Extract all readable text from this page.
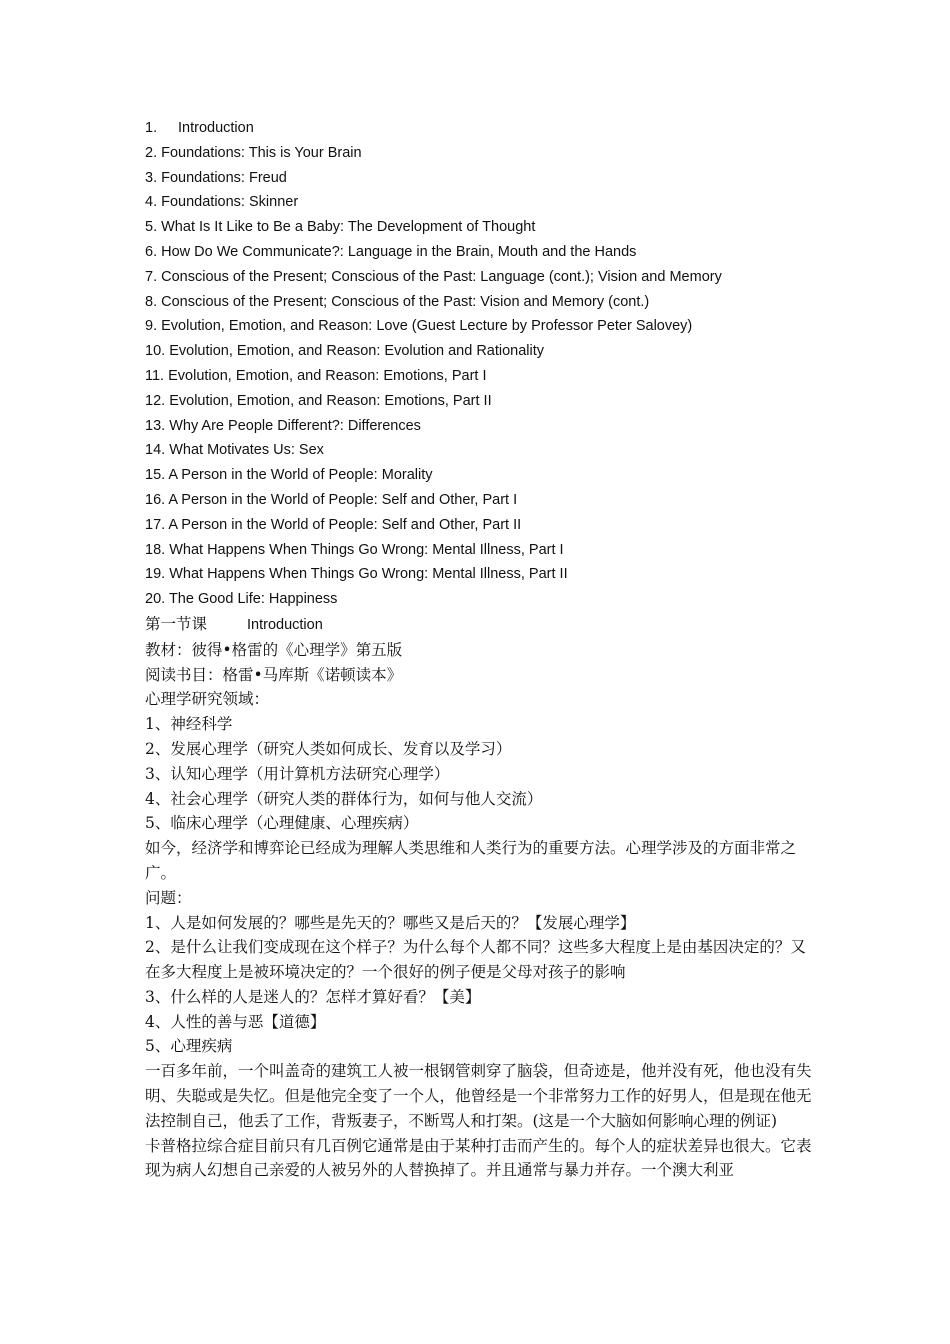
1. Introduction
2. Foundations: This is Your Brain
3. Foundations: Freud
4. Foundations: Skinner
5. What Is It Like to Be a Baby: The Development of Thought
6. How Do We Communicate?: Language in the Brain, Mouth and the Hands
7. Conscious of the Present; Conscious of the Past: Language (cont.); Vision and Memory
8. Conscious of the Present; Conscious of the Past: Vision and Memory (cont.)
9. Evolution, Emotion, and Reason: Love (Guest Lecture by Professor Peter Salovey)
10. Evolution, Emotion, and Reason: Evolution and Rationality
11. Evolution, Emotion, and Reason: Emotions, Part I
12. Evolution, Emotion, and Reason: Emotions, Part II
13. Why Are People Different?: Differences
14. What Motivates Us: Sex
15. A Person in the World of People: Morality
16. A Person in the World of People: Self and Other, Part I
17. A Person in the World of People: Self and Other, Part II
18. What Happens When Things Go Wrong: Mental Illness, Part I
19. What Happens When Things Go Wrong: Mental Illness, Part II
20. The Good Life: Happiness
第一节课	Introduction
教材：彼得•格雷的《心理学》第五版
阅读书目：格雷•马库斯《诺顿读本》
心理学研究领域：
1、神经科学
2、发展心理学（研究人类如何成长、发育以及学习）
3、认知心理学（用计算机方法研究心理学）
4、社会心理学（研究人类的群体行为，如何与他人交流）
5、临床心理学（心理健康、心理疾病）
如今，经济学和博弈论已经成为理解人类思维和人类行为的重要方法。心理学涉及的方面非常之广。
问题：
1、人是如何发展的？哪些是先天的？哪些又是后天的？【发展心理学】
2、是什么让我们变成现在这个样子？为什么每个人都不同？这些多大程度上是由基因决定的？又在多大程度上是被环境决定的？一个很好的例子便是父母对孩子的影响
3、什么样的人是迷人的？怎样才算好看？【美】
4、人性的善与恶【道德】
5、心理疾病
一百多年前，一个叫盖奇的建筑工人被一根钢管刺穿了脑袋，但奇迹是，他并没有死，他也没有失明、失聪或是失忆。但是他完全变了一个人，他曾经是一个非常努力工作的好男人，但是现在他无法控制自己，他丢了工作，背叛妻子，不断骂人和打架。(这是一个大脑如何影响心理的例证)
卡普格拉综合症目前只有几百例它通常是由于某种打击而产生的。每个人的症状差异也很大。它表现为病人幻想自己亲爱的人被另外的人替换掉了。并且通常与暴力并存。一个澳大利亚
